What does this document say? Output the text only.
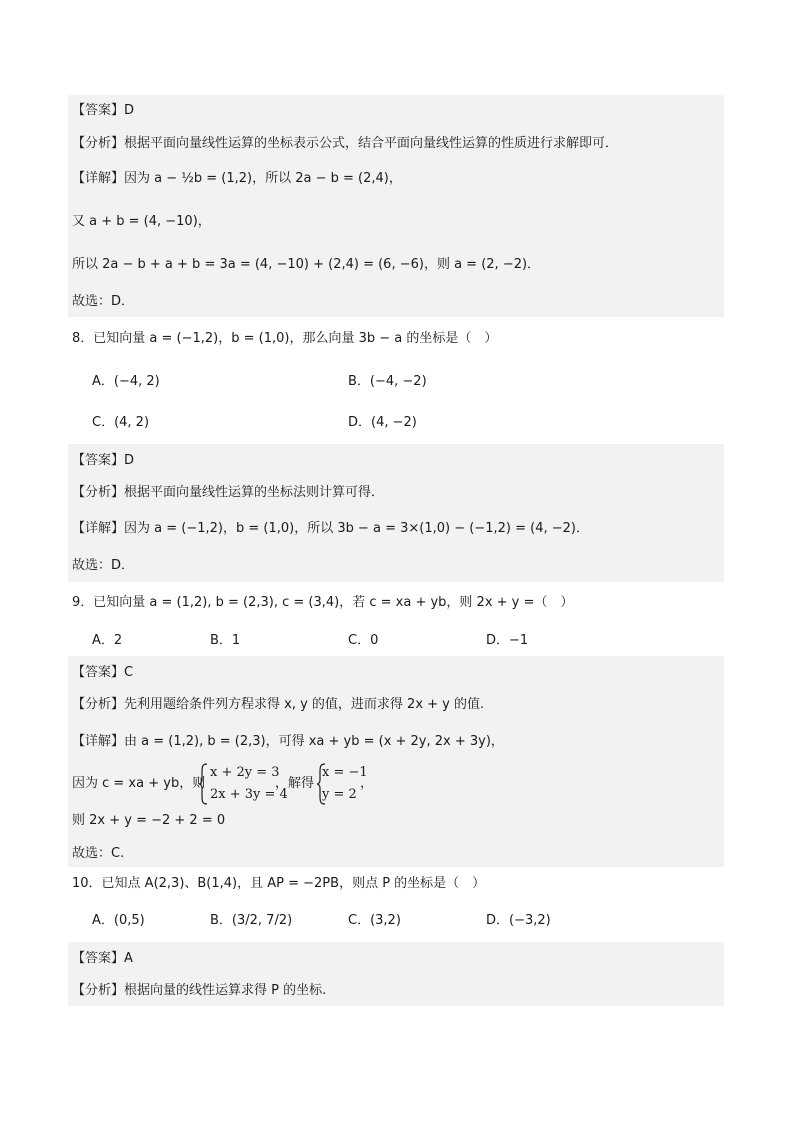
【答案】D
【分析】根据平面向量线性运算的坐标表示公式，结合平面向量线性运算的性质进行求解即可．
【详解】因为 a − ½b = (1,2)，所以 2a − b = (2,4)，
又 a + b = (4, −10)，
所以 2a − b + a + b = 3a = (4, −10) + (2,4) = (6, −6)，则 a = (2, −2)．
故选：D．
8．已知向量 a = (−1,2)，b = (1,0)，那么向量 3b − a 的坐标是（　）
A．(−4, 2)	B．(−4, −2)
C．(4, 2)	D．(4, −2)
【答案】D
【分析】根据平面向量线性运算的坐标法则计算可得．
【详解】因为 a = (−1,2)，b = (1,0)，所以 3b − a = 3×(1,0) − (−1,2) = (4, −2)．
故选：D．
9．已知向量 a = (1,2), b = (2,3), c = (3,4)，若 c = xa + yb，则 2x + y =（　）
A．2	B．1	C．0	D．−1
【答案】C
【分析】先利用题给条件列方程求得 x, y 的值，进而求得 2x + y 的值.
【详解】由 a = (1,2), b = (2,3)，可得 xa + yb = (x + 2y, 2x + 3y)，
因为 c = xa + yb，则
x + 2y = 3
2x + 3y = 4
，解得
x = −1
y = 2
，
则 2x + y = −2 + 2 = 0
故选：C.
10．已知点 A(2,3)、B(1,4)，且 AP = −2PB，则点 P 的坐标是（　）
A．(0,5)	B．(3/2, 7/2)	C．(3,2)	D．(−3,2)
【答案】A
【分析】根据向量的线性运算求得 P 的坐标.
